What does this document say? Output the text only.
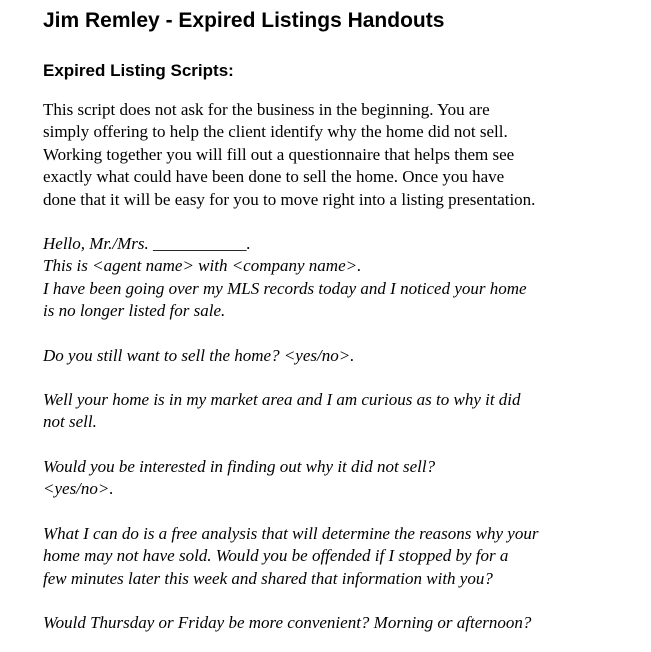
Jim Remley - Expired Listings Handouts
Expired Listing Scripts:

This script does not ask for the business in the beginning. You are
simply offering to help the client identify why the home did not sell.
Working together you will fill out a questionnaire that helps them see
exactly what could have been done to sell the home. Once you have
done that it will be easy for you to move right into a listing presentation.

Hello, Mr./Mrs. ___________.
This is <agent name> with <company name>.
I have been going over my MLS records today and I noticed your home
is no longer listed for sale.

Do you still want to sell the home? <yes/no>.

Well your home is in my market area and I am curious as to why it did
not sell.

Would you be interested in finding out why it did not sell?
<yes/no>.

What I can do is a free analysis that will determine the reasons why your
home may not have sold. Would you be offended if I stopped by for a
few minutes later this week and shared that information with you?

Would Thursday or Friday be more convenient? Morning or afternoon?
